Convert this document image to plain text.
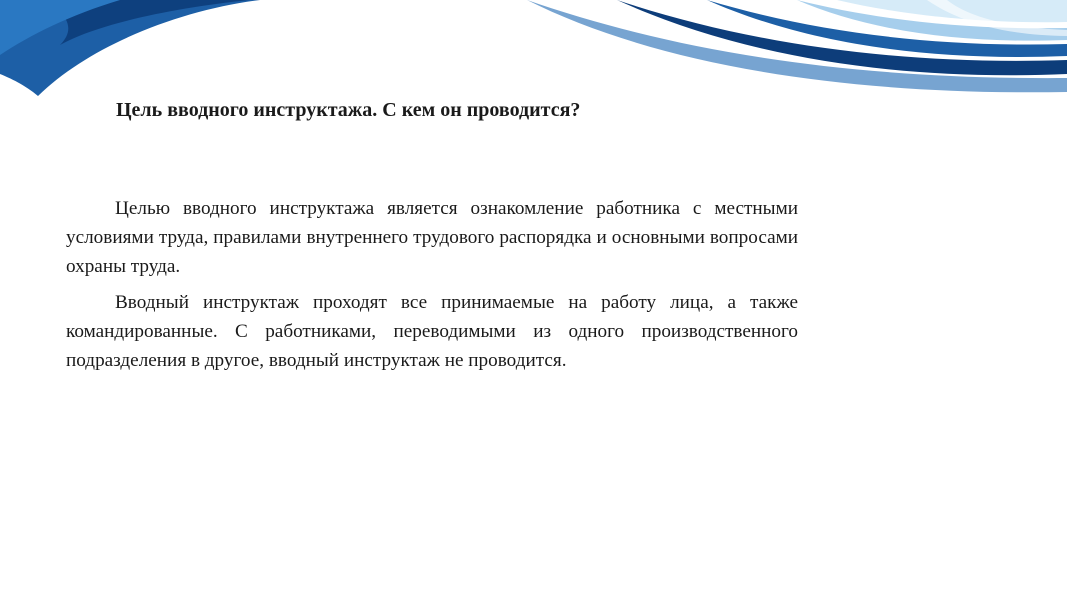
Цель вводного инструктажа. С кем он проводится?

Целью вводного инструктажа является ознакомление работника с местными условиями труда, правилами внутреннего трудового распорядка и основными вопросами охраны труда.

Вводный инструктаж проходят все принимаемые на работу лица, а также командированные. С работниками, переводимыми из одного производственного подразделения в другое, вводный инструктаж не проводится.
